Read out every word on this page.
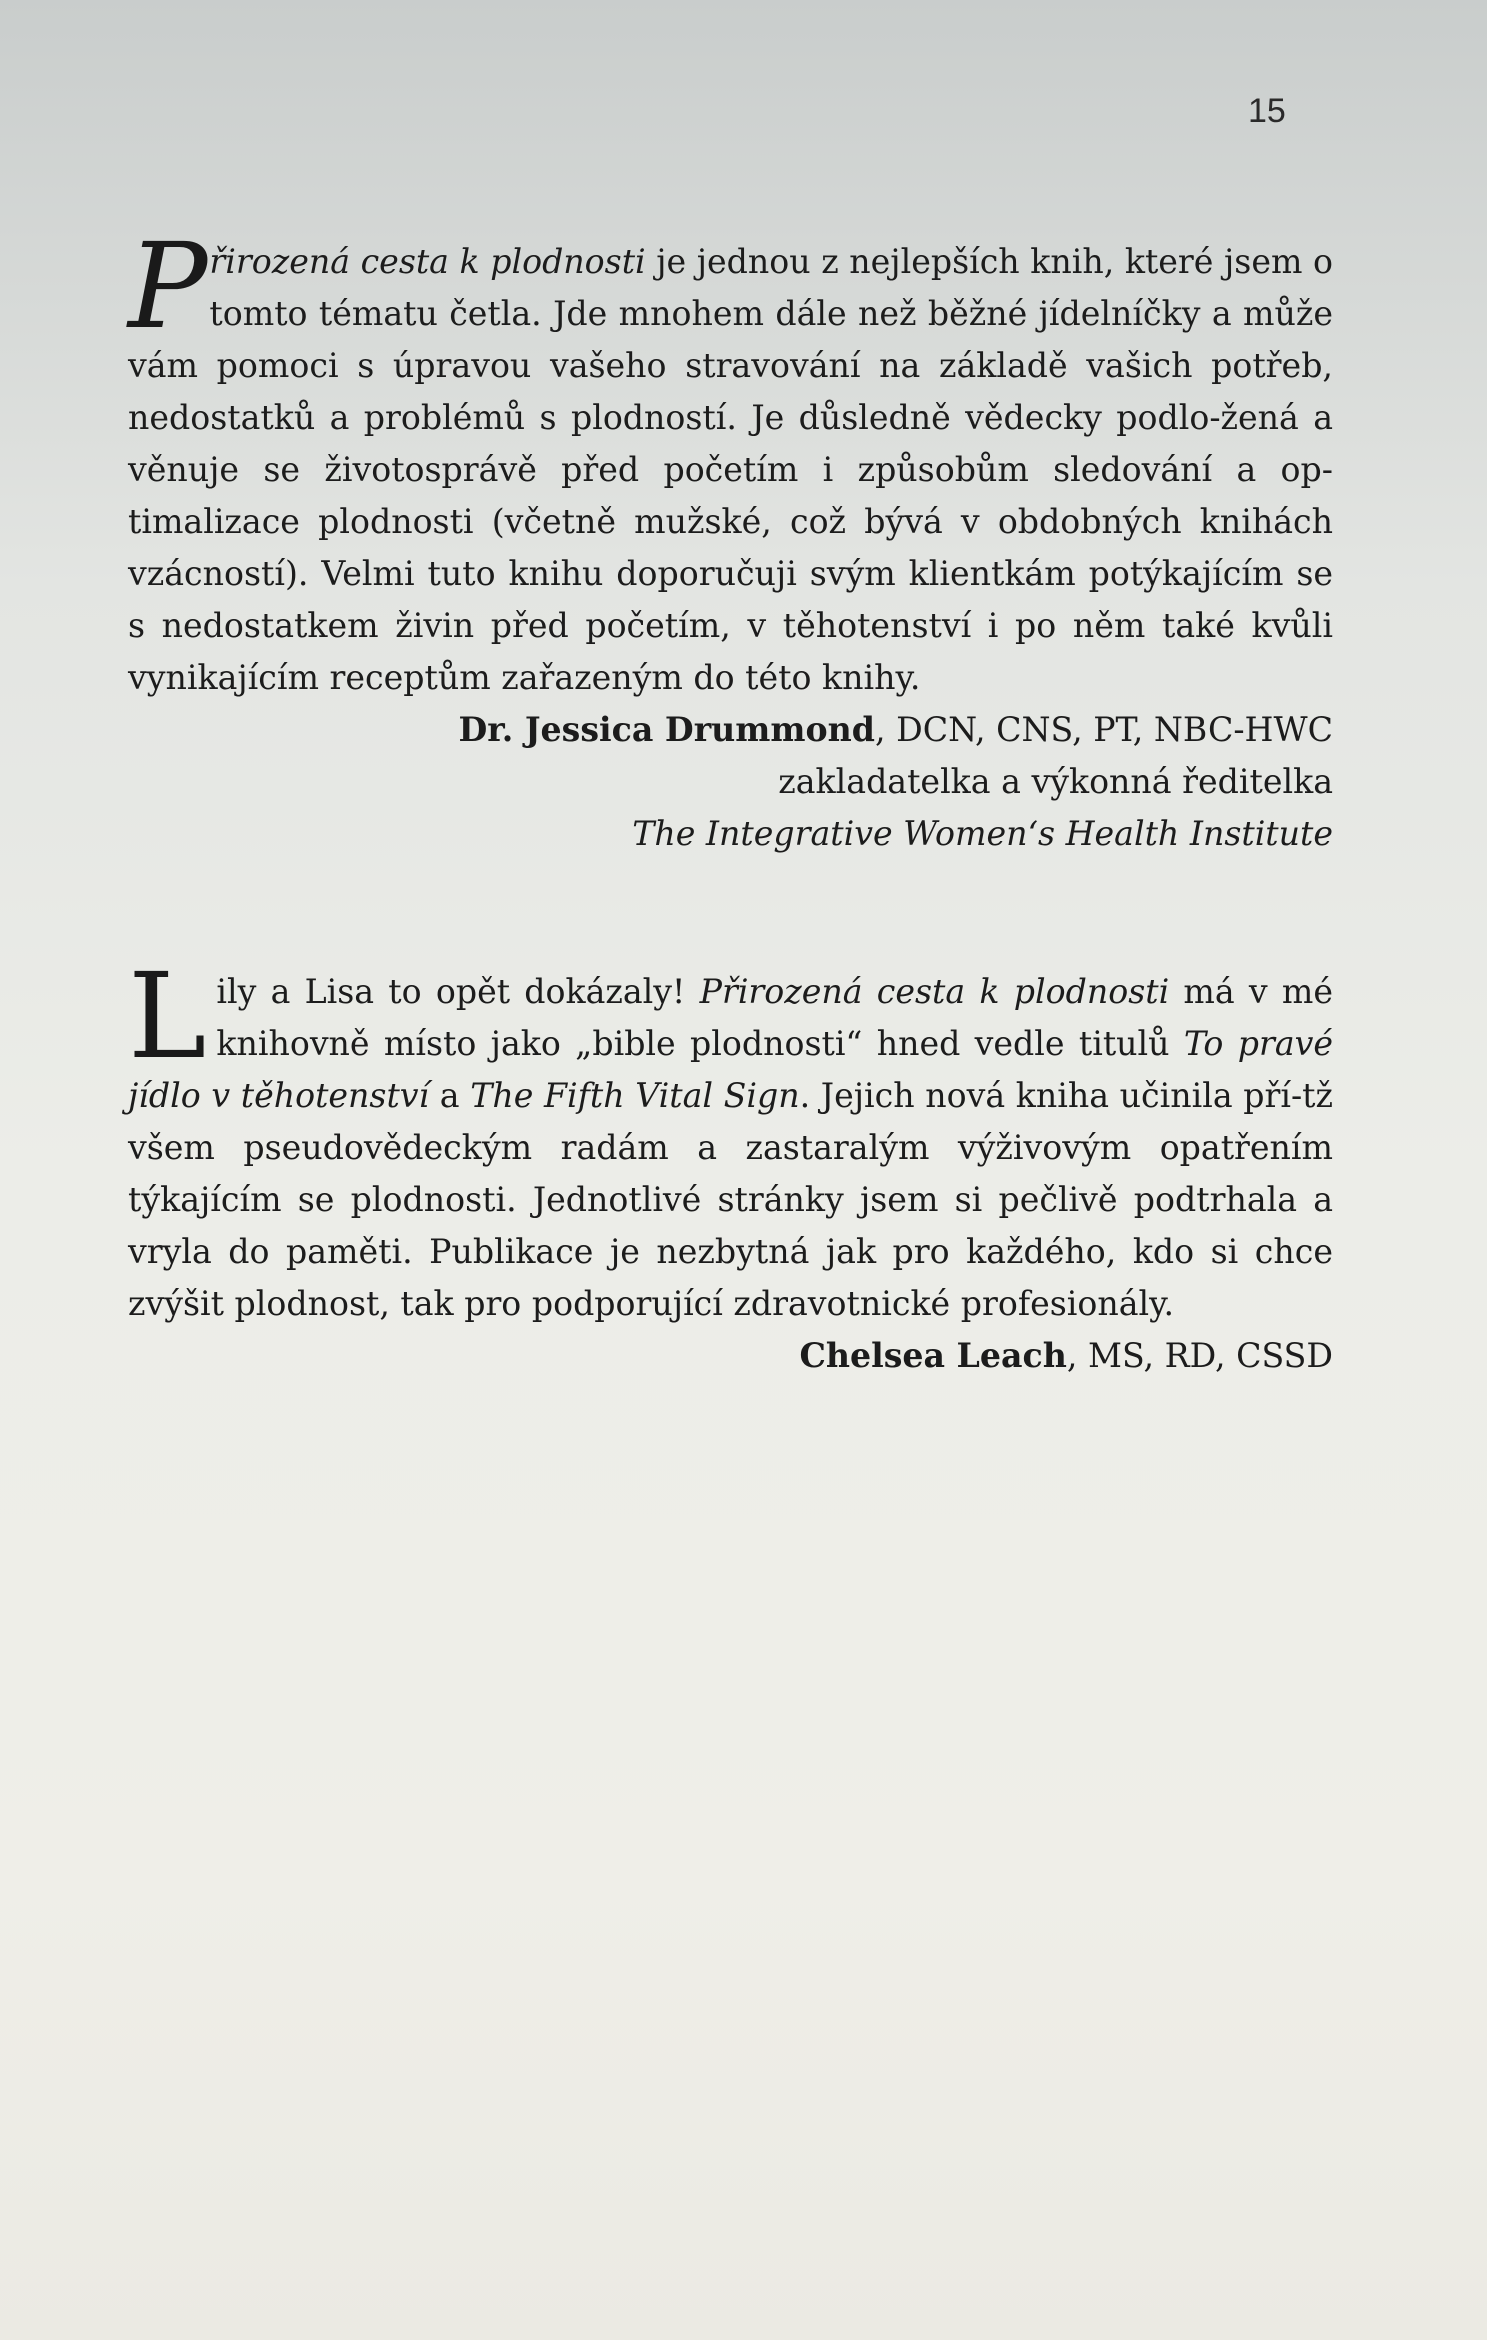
15

Přirozená cesta k plodnosti je jednou z nejlepších knih, které jsem o tomto tématu četla. Jde mnohem dále než běžné jídelníčky a může vám pomoci s úpravou vašeho stravování na základě vašich potřeb, nedostatků a problémů s plodností. Je důsledně vědecky podlo-žená a věnuje se životosprávě před početím i způsobům sledování a op-timalizace plodnosti (včetně mužské, což bývá v obdobných knihách vzácností). Velmi tuto knihu doporučuji svým klientkám potýkajícím se s nedostatkem živin před početím, v těhotenství i po něm také kvůli vynikajícím receptům zařazeným do této knihy.

Dr. Jessica Drummond, DCN, CNS, PT, NBC-HWC
zakladatelka a výkonná ředitelka
The Integrative Women‘s Health Institute

Lily a Lisa to opět dokázaly! Přirozená cesta k plodnosti má v mé knihovně místo jako „bible plodnosti“ hned vedle titulů To pravé jídlo v těhotenství a The Fifth Vital Sign. Jejich nová kniha učinila pří-tž všem pseudovědeckým radám a zastaralým výživovým opatřením týkajícím se plodnosti. Jednotlivé stránky jsem si pečlivě podtrhala a vryla do paměti. Publikace je nezbytná jak pro každého, kdo si chce zvýšit plodnost, tak pro podporující zdravotnické profesionály.

Chelsea Leach, MS, RD, CSSD
